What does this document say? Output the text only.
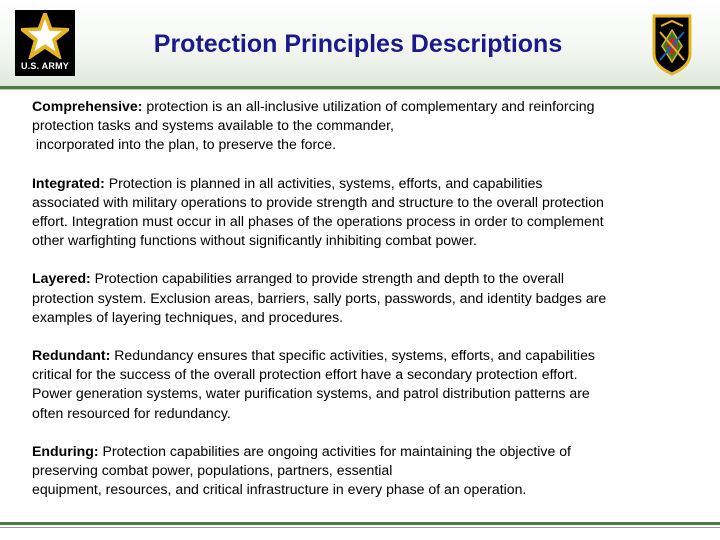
U.S. ARMY
Protection Principles Descriptions

Comprehensive: protection is an all-inclusive utilization of complementary and reinforcing
protection tasks and systems available to the commander,
incorporated into the plan, to preserve the force.

Integrated: Protection is planned in all activities, systems, efforts, and capabilities
associated with military operations to provide strength and structure to the overall protection
effort. Integration must occur in all phases of the operations process in order to complement
other warfighting functions without significantly inhibiting combat power.

Layered: Protection capabilities arranged to provide strength and depth to the overall
protection system. Exclusion areas, barriers, sally ports, passwords, and identity badges are
examples of layering techniques, and procedures.

Redundant: Redundancy ensures that specific activities, systems, efforts, and capabilities
critical for the success of the overall protection effort have a secondary protection effort.
Power generation systems, water purification systems, and patrol distribution patterns are
often resourced for redundancy.

Enduring: Protection capabilities are ongoing activities for maintaining the objective of
preserving combat power, populations, partners, essential
equipment, resources, and critical infrastructure in every phase of an operation.
